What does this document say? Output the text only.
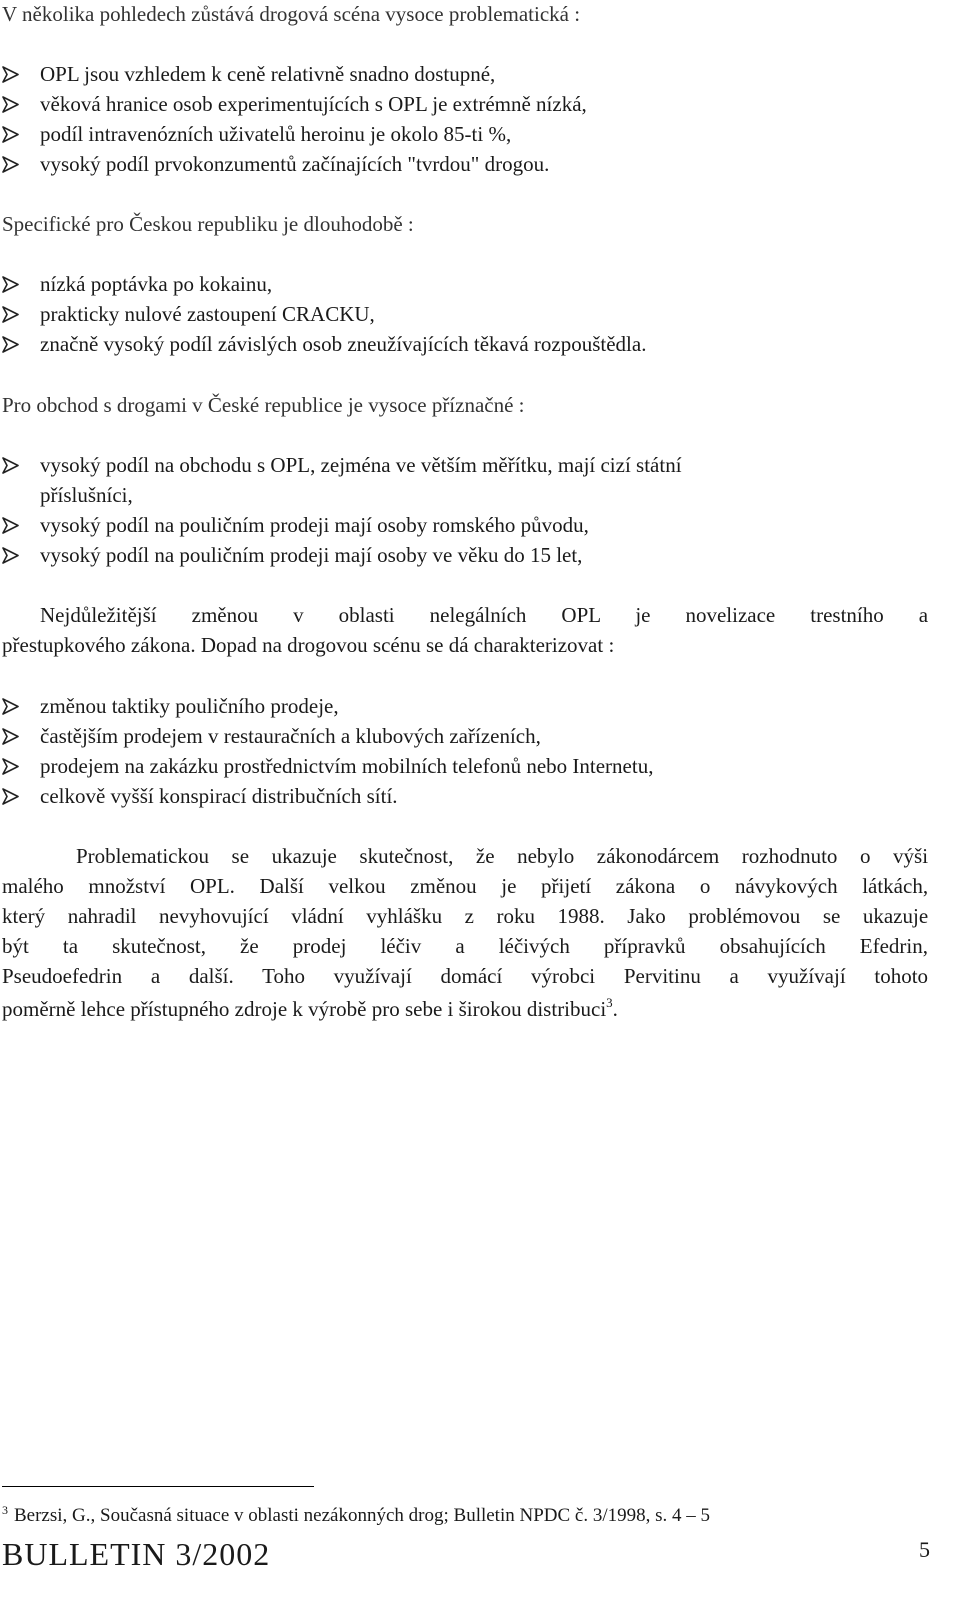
V několika pohledech zůstává drogová scéna vysoce problematická :
OPL jsou vzhledem k ceně relativně snadno dostupné,
věková hranice osob experimentujících s OPL je extrémně nízká,
podíl intravenózních uživatelů heroinu je okolo 85-ti %,
vysoký podíl prvokonzumentů začínajících "tvrdou" drogou.
Specifické pro Českou republiku je dlouhodobě :
nízká poptávka po kokainu,
prakticky nulové zastoupení CRACKU,
značně vysoký podíl závislých osob zneužívajících těkavá rozpouštědla.
Pro obchod s drogami v České republice je vysoce příznačné :
vysoký podíl na obchodu s OPL, zejména ve větším měřítku, mají cizí státní
příslušníci,
vysoký podíl na pouličním prodeji mají osoby romského původu,
vysoký podíl na pouličním prodeji mají osoby ve věku do 15 let,
Nejdůležitější změnou v oblasti nelegálních OPL je novelizace trestního a
přestupkového zákona. Dopad na drogovou scénu se dá charakterizovat :
změnou taktiky pouličního prodeje,
častějším prodejem v restauračních a klubových zařízeních,
prodejem na zakázku prostřednictvím mobilních telefonů nebo Internetu,
celkově vyšší konspirací distribučních sítí.
Problematickou se ukazuje skutečnost, že nebylo zákonodárcem rozhodnuto o výši
malého množství OPL. Další velkou změnou je přijetí zákona o návykových látkách,
který nahradil nevyhovující vládní vyhlášku z roku 1988. Jako problémovou se ukazuje
být ta skutečnost, že prodej léčiv a léčivých přípravků obsahujících Efedrin,
Pseudoefedrin a další. Toho využívají domácí výrobci Pervitinu a využívají tohoto
poměrně lehce přístupného zdroje k výrobě pro sebe i širokou distribuci$^3$.
$^3$ Berzsi, G., Současná situace v oblasti nezákonných drog; Bulletin NPDC č. 3/1998, s. 4 – 5
BULLETIN 3/2002	5
